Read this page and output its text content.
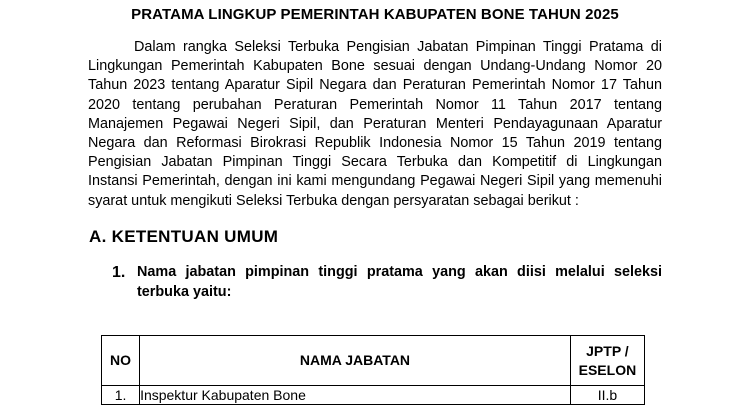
PRATAMA LINGKUP PEMERINTAH KABUPATEN BONE TAHUN 2025
Dalam rangka Seleksi Terbuka Pengisian Jabatan Pimpinan Tinggi Pratama di
Lingkungan Pemerintah Kabupaten Bone sesuai dengan Undang-Undang Nomor 20
Tahun 2023 tentang Aparatur Sipil Negara dan Peraturan Pemerintah Nomor 17 Tahun
2020 tentang perubahan Peraturan Pemerintah Nomor 11 Tahun 2017 tentang
Manajemen Pegawai Negeri Sipil, dan Peraturan Menteri Pendayagunaan Aparatur
Negara dan Reformasi Birokrasi Republik Indonesia Nomor 15 Tahun 2019 tentang
Pengisian Jabatan Pimpinan Tinggi Secara Terbuka dan Kompetitif di Lingkungan
Instansi Pemerintah, dengan ini kami mengundang Pegawai Negeri Sipil yang memenuhi
syarat untuk mengikuti Seleksi Terbuka dengan persyaratan sebagai berikut :
A. KETENTUAN UMUM
1. Nama jabatan pimpinan tinggi pratama yang akan diisi melalui seleksi
terbuka yaitu:
NO	NAMA JABATAN	JPTP /
ESELON
1.	Inspektur Kabupaten Bone	II.b
